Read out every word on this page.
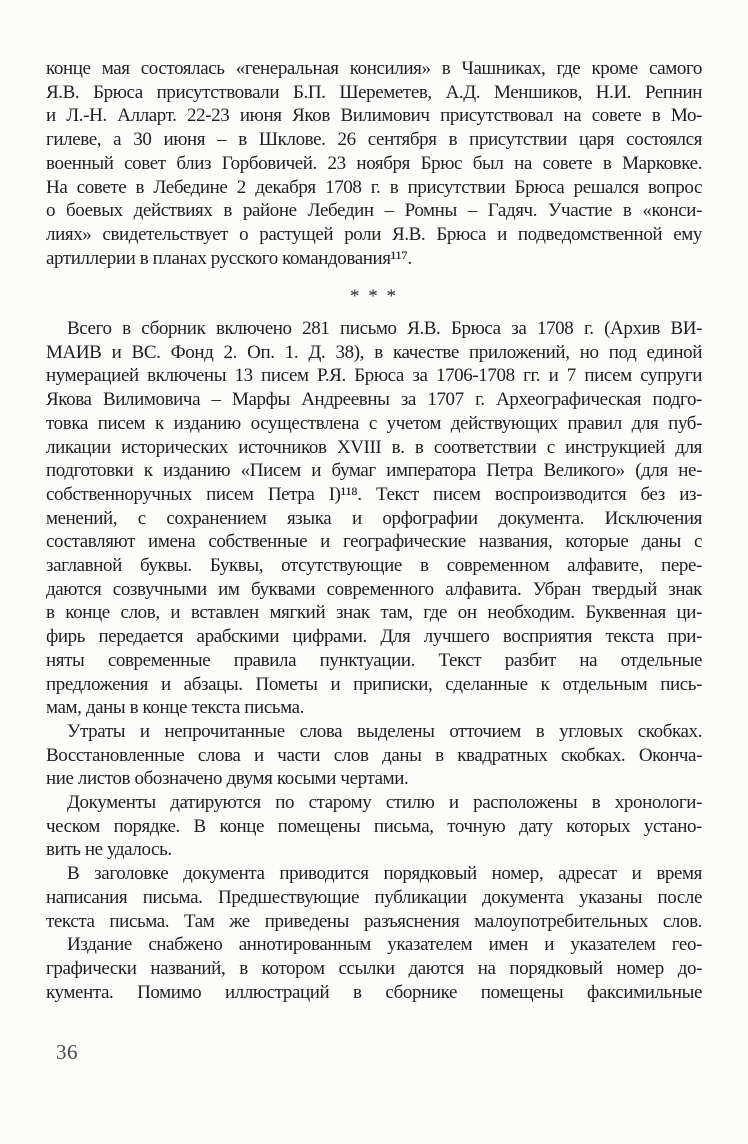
конце мая состоялась «генеральная консилия» в Чашниках, где кроме самого
Я.В. Брюса присутствовали Б.П. Шереметев, А.Д. Меншиков, Н.И. Репнин
и Л.-Н. Алларт. 22-23 июня Яков Вилимович присутствовал на совете в Мо-
гилеве, а 30 июня – в Шклове. 26 сентября в присутствии царя состоялся
военный совет близ Горбовичей. 23 ноября Брюс был на совете в Марковке.
На совете в Лебедине 2 декабря 1708 г. в присутствии Брюса решался вопрос
о боевых действиях в районе Лебедин – Ромны – Гадяч. Участие в «конси-
лиях» свидетельствует о растущей роли Я.В. Брюса и подведомственной ему
артиллерии в планах русского командования¹¹⁷.

* * *

Всего в сборник включено 281 письмо Я.В. Брюса за 1708 г. (Архив ВИ-
МАИВ и ВС. Фонд 2. Оп. 1. Д. 38), в качестве приложений, но под единой
нумерацией включены 13 писем Р.Я. Брюса за 1706-1708 гг. и 7 писем супруги
Якова Вилимовича – Марфы Андреевны за 1707 г. Археографическая подго-
товка писем к изданию осуществлена с учетом действующих правил для пуб-
ликации исторических источников XVIII в. в соответствии с инструкцией для
подготовки к изданию «Писем и бумаг императора Петра Великого» (для не-
собственноручных писем Петра I)¹¹⁸. Текст писем воспроизводится без из-
менений, с сохранением языка и орфографии документа. Исключения
составляют имена собственные и географические названия, которые даны с
заглавной буквы. Буквы, отсутствующие в современном алфавите, пере-
даются созвучными им буквами современного алфавита. Убран твердый знак
в конце слов, и вставлен мягкий знак там, где он необходим. Буквенная ци-
фирь передается арабскими цифрами. Для лучшего восприятия текста при-
няты современные правила пунктуации. Текст разбит на отдельные
предложения и абзацы. Пометы и приписки, сделанные к отдельным пись-
мам, даны в конце текста письма.

Утраты и непрочитанные слова выделены отточием в угловых скобках.
Восстановленные слова и части слов даны в квадратных скобках. Оконча-
ние листов обозначено двумя косыми чертами.

Документы датируются по старому стилю и расположены в хронологи-
ческом порядке. В конце помещены письма, точную дату которых устано-
вить не удалось.

В заголовке документа приводится порядковый номер, адресат и время
написания письма. Предшествующие публикации документа указаны после
текста письма. Там же приведены разъяснения малоупотребительных слов.

Издание снабжено аннотированным указателем имен и указателем гео-
графически названий, в котором ссылки даются на порядковый номер до-
кумента. Помимо иллюстраций в сборнике помещены факсимильные

36
